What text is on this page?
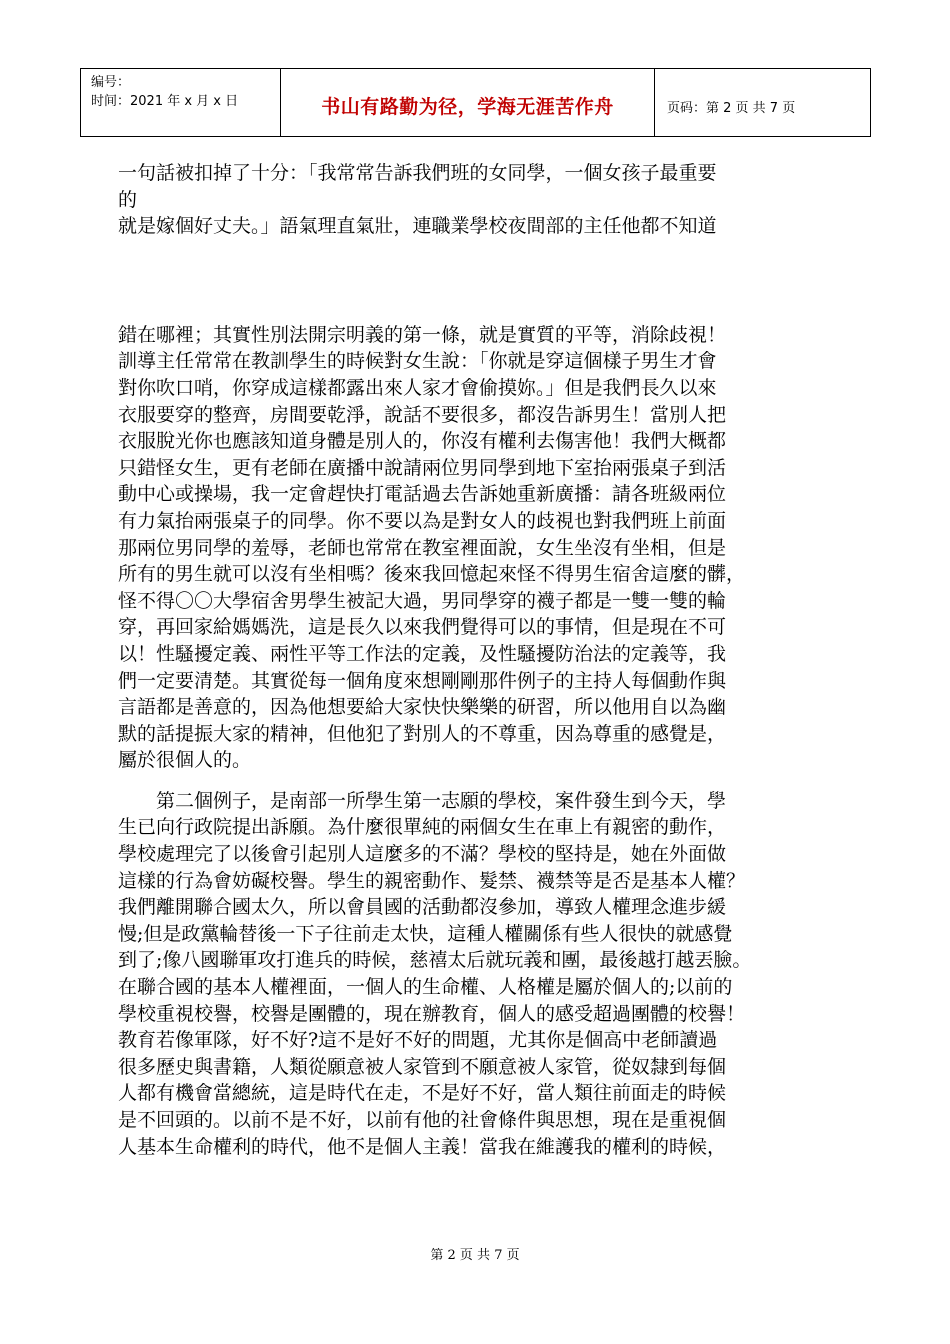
编号：
时间：2021 年 x 月 x 日	书山有路勤为径，学海无涯苦作舟	页码：第 2 页 共 7 页
一句話被扣掉了十分：「我常常告訴我們班的女同學，一個女孩子最重要
的
就是嫁個好丈夫。」語氣理直氣壯，連職業學校夜間部的主任他都不知道
錯在哪裡；其實性別法開宗明義的第一條，就是實質的平等，消除歧視！
訓導主任常常在教訓學生的時候對女生說：「你就是穿這個樣子男生才會
對你吹口哨，你穿成這樣都露出來人家才會偷摸妳。」但是我們長久以來
衣服要穿的整齊，房間要乾淨，說話不要很多，都沒告訴男生！當別人把
衣服脫光你也應該知道身體是別人的，你沒有權利去傷害他！我們大概都
只錯怪女生，更有老師在廣播中說請兩位男同學到地下室抬兩張桌子到活
動中心或操場，我一定會趕快打電話過去告訴她重新廣播：請各班級兩位
有力氣抬兩張桌子的同學。你不要以為是對女人的歧視也對我們班上前面
那兩位男同學的羞辱，老師也常常在教室裡面說，女生坐沒有坐相，但是
所有的男生就可以沒有坐相嗎？後來我回憶起來怪不得男生宿舍這麼的髒，
怪不得〇〇大學宿舍男學生被記大過，男同學穿的襪子都是一雙一雙的輪
穿，再回家給媽媽洗，這是長久以來我們覺得可以的事情，但是現在不可
以！性騷擾定義、兩性平等工作法的定義，及性騷擾防治法的定義等，我
們一定要清楚。其實從每一個角度來想剛剛那件例子的主持人每個動作與
言語都是善意的，因為他想要給大家快快樂樂的研習，所以他用自以為幽
默的話提振大家的精神，但他犯了對別人的不尊重，因為尊重的感覺是，
屬於很個人的。
第二個例子，是南部一所學生第一志願的學校，案件發生到今天，學
生已向行政院提出訴願。為什麼很單純的兩個女生在車上有親密的動作，
學校處理完了以後會引起別人這麼多的不滿？學校的堅持是，她在外面做
這樣的行為會妨礙校譽。學生的親密動作、髮禁、襪禁等是否是基本人權？
我們離開聯合國太久，所以會員國的活動都沒參加，導致人權理念進步緩
慢;但是政黨輪替後一下子往前走太快，這種人權關係有些人很快的就感覺
到了;像八國聯軍攻打進兵的時候，慈禧太后就玩義和團，最後越打越丟臉。
在聯合國的基本人權裡面，一個人的生命權、人格權是屬於個人的;以前的
學校重視校譽，校譽是團體的，現在辦教育，個人的感受超過團體的校譽！
教育若像軍隊，好不好?這不是好不好的問題，尤其你是個高中老師讀過
很多歷史與書籍，人類從願意被人家管到不願意被人家管，從奴隸到每個
人都有機會當總統，這是時代在走，不是好不好，當人類往前面走的時候
是不回頭的。以前不是不好，以前有他的社會條件與思想，現在是重視個
人基本生命權利的時代，他不是個人主義！當我在維護我的權利的時候，
第 2 页 共 7 页
